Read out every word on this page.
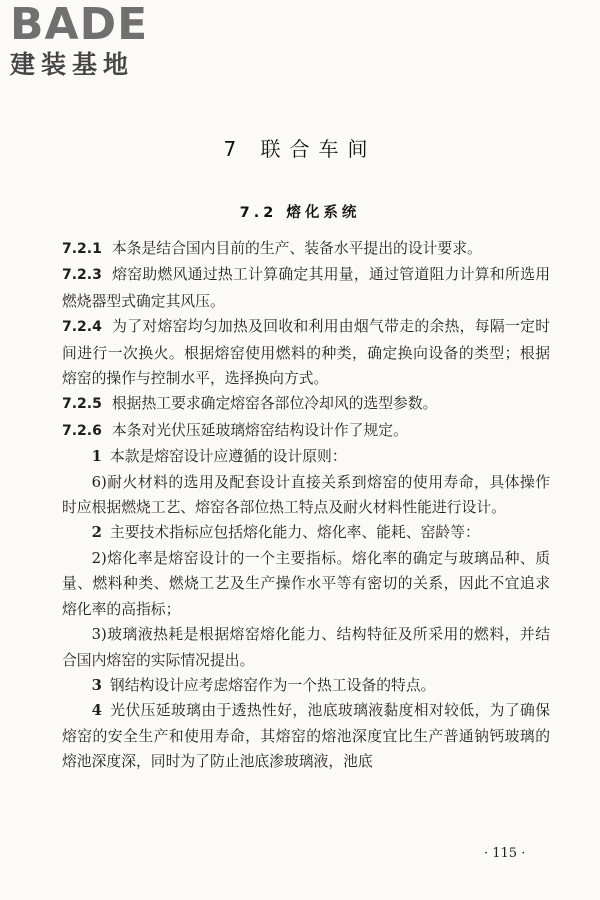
BADE
建装基地
7 联合车间
7.2 熔化系统

7.2.1 本条是结合国内目前的生产、装备水平提出的设计要求。

7.2.3 熔窑助燃风通过热工计算确定其用量，通过管道阻力计算和所选用燃烧器型式确定其风压。

7.2.4 为了对熔窑均匀加热及回收和利用由烟气带走的余热，每隔一定时间进行一次换火。根据熔窑使用燃料的种类，确定换向设备的类型；根据熔窑的操作与控制水平，选择换向方式。

7.2.5 根据热工要求确定熔窑各部位冷却风的选型参数。

7.2.6 本条对光伏压延玻璃熔窑结构设计作了规定。

1 本款是熔窑设计应遵循的设计原则：

6)耐火材料的选用及配套设计直接关系到熔窑的使用寿命，具体操作时应根据燃烧工艺、熔窑各部位热工特点及耐火材料性能进行设计。

2 主要技术指标应包括熔化能力、熔化率、能耗、窑龄等：

2)熔化率是熔窑设计的一个主要指标。熔化率的确定与玻璃品种、质量、燃料种类、燃烧工艺及生产操作水平等有密切的关系，因此不宜追求熔化率的高指标；

3)玻璃液热耗是根据熔窑熔化能力、结构特征及所采用的燃料，并结合国内熔窑的实际情况提出。

3 钢结构设计应考虑熔窑作为一个热工设备的特点。

4 光伏压延玻璃由于透热性好，池底玻璃液黏度相对较低，为了确保熔窑的安全生产和使用寿命，其熔窑的熔池深度宜比生产普通钠钙玻璃的熔池深度深，同时为了防止池底渗玻璃液，池底

· 115 ·
